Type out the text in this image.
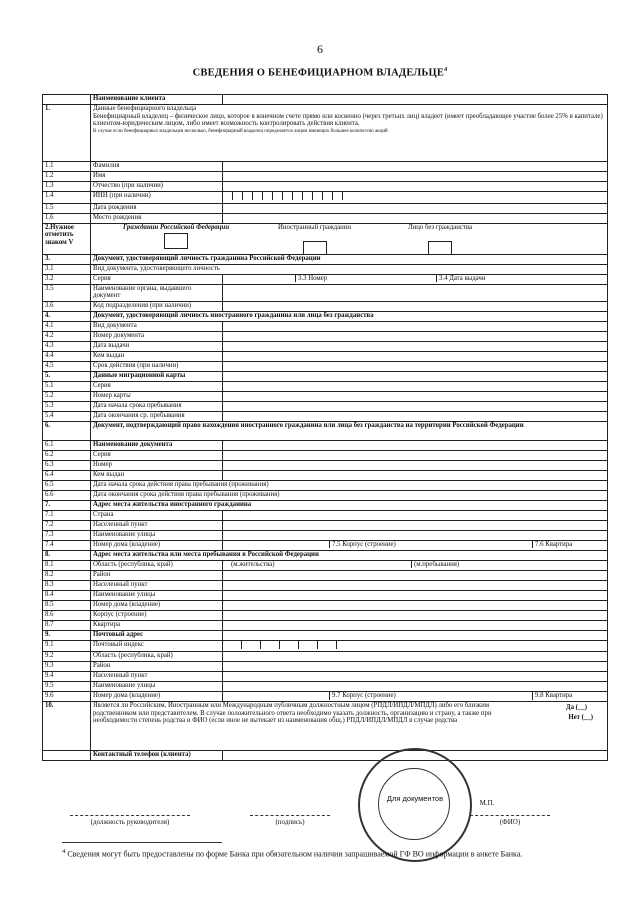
6
СВЕДЕНИЯ О БЕНЕФИЦИАРНОМ ВЛАДЕЛЬЦЕ$^4$
	Наименование клиента	
1.	Данные бенефициарного владельца
Бенефициарный владелец – физическое лицо, которое в конечном счете прямо или косвенно (через третьих лиц) владеет (имеет преобладающее участие более 25% в капитале) клиентом-юридическим лицом, либо имеет возможность контролировать действия клиента.
В случае если бенефициарных владельцев несколько, бенефициарный владелец определяется лицом имеющих большее количество акций	

1.1	Фамилия	
1.2	Имя	
1.3	Отчество (при наличии)	
1.4	ИНН (при наличии)	
1.5	Дата рождения	
1.6	Место рождения	
2.Нужное отметить знаком V	Гражданин Российской Федерации Иностранный гражданин Лицо без гражданства	

3.	Документ, удостоверяющий личность гражданина Российской Федерации	
3.1	Вид документа, удостоверяющего личность	
3.2	Серия	3.3 Номер 3.4 Дата выдачи
3.5	Наименование органа, выдавшего документ	
3.6	Код подразделения (при наличии)	
4.	Документ, удостоверяющий личность иностранного гражданина или лица без гражданства	
4.1	Вид документа	
4.2	Номер документа	
4.3	Дата выдачи	
4.4	Кем выдан	
4.5	Срок действия (при наличии)	
5.	Данные миграционной карты	
5.1	Серия	
5.2	Номер карты	
5.3	Дата начала срока пребывания	
5.4	Дата окончания ср. пребывания	
6.	Документ, подтверждающий право нахождения иностранного гражданина или лица без гражданства на территории Российской Федерации	
6.1	Наименование документа	
6.2	Серия	
6.3	Номер	
6.4	Кем выдан	
6.5	Дата начала срока действия права пребывания (проживания)	
6.6	Дата окончания срока действия права пребывания (проживания)	
7.	Адрес места жительства иностранного гражданина	
7.1	Страна	
7.2	Населенный пункт	
7.3	Наименование улицы	
7.4	Номер дома (владение)	7.5 Корпус (строение) 7.6 Квартира
8.	Адрес места жительства или места пребывания в Российской Федерации	
8.1	Область (республика, край)	(м.жительства) (м.пребывания)
8.2	Район	
8.3	Населенный пункт	
8.4	Наименование улицы	
8.5	Номер дома (владение)	
8.6	Корпус (строение)	
8.7	Квартира	
9.	Почтовый адрес	
9.1	Почтовый индекс	
9.2	Область (республика, край)	
9.3	Район	
9.4	Населенный пункт	
9.5	Наименование улицы	
9.6	Номер дома (владение)	9.7 Корпус (строение) 9.8 Квартира
10.	Является ли Российским, Иностранным или Международным публичным должностным лицом (РПДЛ/ИПДЛ/МПДЛ) либо его близким родственником или представителем. В случае положительного ответа необходимо указать должность, организацию и страну, а также при необходимости степень родства и ФИО (если иное не вытекает из наименования общ.) РПДЛ/ИПДЛ/МПДЛ в случае родства
Да (__)
Нет (__)	

	Контактный телефон (клиента)	
Для документов
(должность руководителя)	(подпись)
М.П.
(ФИО)
$^4$ Сведения могут быть предоставлены по форме Банка при обязательном наличии запрашиваемой ГФ ВО информации в анкете Банка.
